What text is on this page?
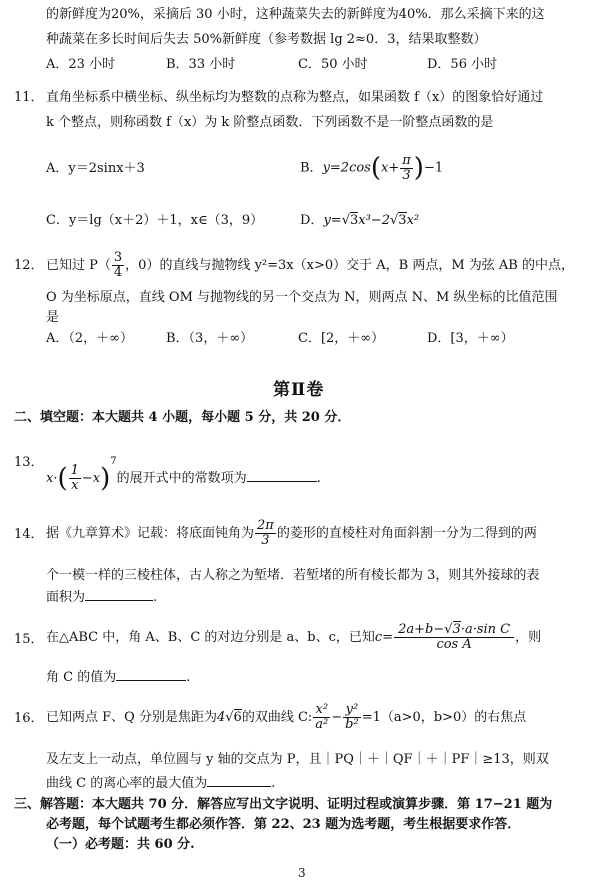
的新鲜度为20%，采摘后 30 小时，这种蔬菜失去的新鲜度为40%．那么采摘下来的这
种蔬菜在多长时间后失去 50%新鲜度（参考数据 lg 2≈0．3，结果取整数）
A．23 小时	B．33 小时	C．50 小时	D．56 小时
11． 直角坐标系中横坐标、纵坐标均为整数的点称为整点，如果函数 f（x）的图象恰好通过
k 个整点，则称函数 f（x）为 k 阶整点函数．下列函数不是一阶整点函数的是
A．y＝2sinx＋3	B．$y=2\cos(x+ \frac{\pi}{3} )-1$
C．y＝lg（x＋2）＋1，x∈（3，9）	D．y=√3x³−2√3x²
12． 已知过 $P( \frac{3}{4}$ ，0）的直线与抛物线 y²=3x（x>0）交于 A，B 两点，M 为弦 AB 的中点，
O 为坐标原点，直线 OM 与抛物线的另一个交点为 N，则两点 N、M 纵坐标的比值范围
是
A．（2，＋∞）	B．（3，＋∞）	C．[2，＋∞）	D．[3，＋∞）
第Ⅱ卷
二、填空题：本大题共 4 小题，每小题 5 分，共 20 分．
13．
$x\cdot( \frac{1}{x} -x)^7$的展开式中的常数项为	.
14． 据《九章算术》记载：将底面钝角为 $\frac{2\pi}{3}$ 的菱形的直棱柱对角面斜割一分为二得到的两
个一模一样的三棱柱体，古人称之为堑堵．若堑堵的所有棱长都为 3，则其外接球的表
面积为	.
15． 在△ABC 中，角 A、B、C 的对边分别是 a、b、c，已知$c= \frac{\text{2a+b−√3·a·sin C}}{\text{cos A}}$ ，则
角 C 的值为	.
16． 已知两点 F、Q 分别是焦距为4√6的双曲线 C: $\frac{\text{x²}}{\text{a²}} - \frac{\text{y²}}{\text{b²}} =1(a>0$，b>0）的右焦点
及左支上一动点，单位圆与 y 轴的交点为 P，且｜PQ｜＋｜QF｜＋｜PF｜≥13，则双
曲线 C 的离心率的最大值为	.
三、解答题：本大题共 70 分．解答应写出文字说明、证明过程或演算步骤．第 17−21 题为
必考题，每个试题考生都必须作答．第 22、23 题为选考题，考生根据要求作答．
（一）必考题：共 60 分.
3
